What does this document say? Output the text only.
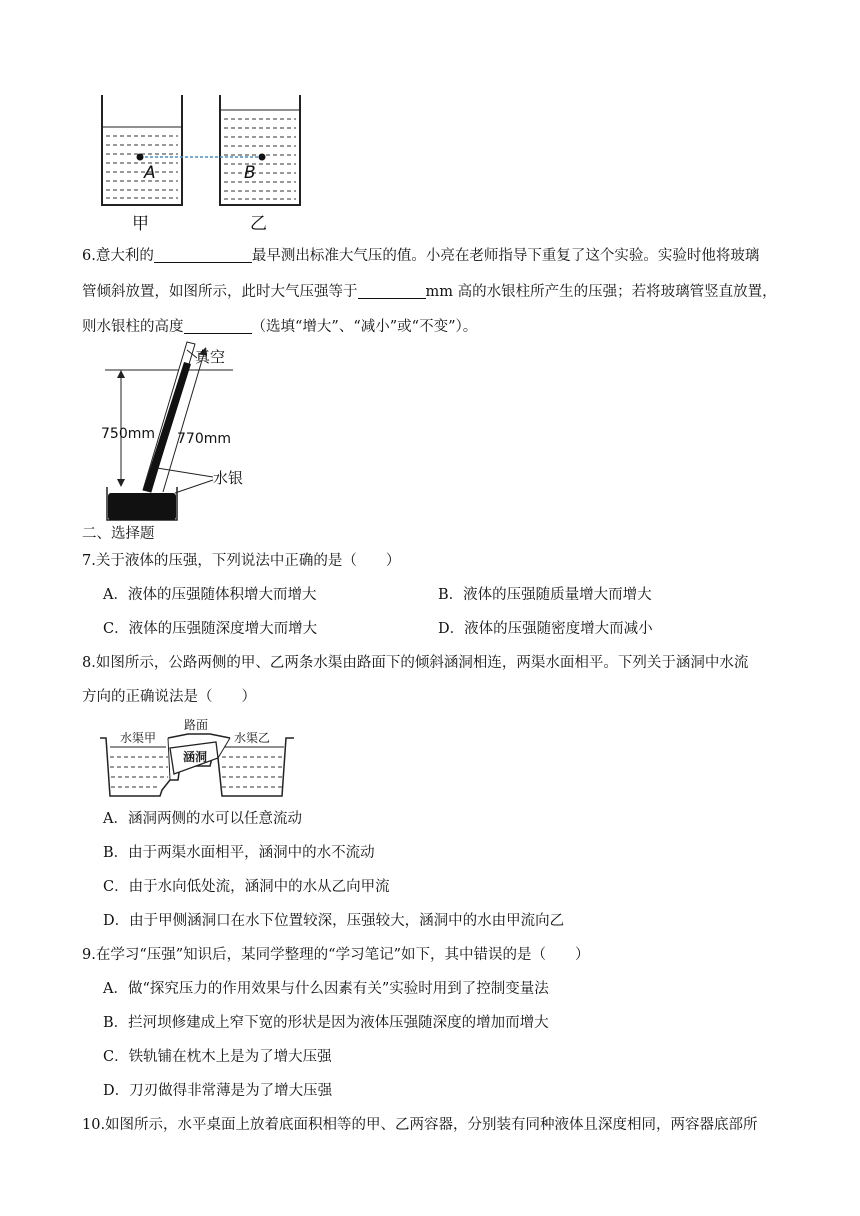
A	B
甲	乙
6.意大利的	最早测出标准大气压的值。小亮在老师指导下重复了这个实验。实验时他将玻璃
管倾斜放置，如图所示，此时大气压强等于	mm 高的水银柱所产生的压强；若将玻璃管竖直放置，
则水银柱的高度	（选填“增大”、“减小”或“不变”）。
真空
750mm 770mm
水银
二、选择题
7.关于液体的压强，下列说法中正确的是（　　）
A．液体的压强随体积增大而增大	B．液体的压强随质量增大而增大
C．液体的压强随深度增大而增大	D．液体的压强随密度增大而减小
8.如图所示，公路两侧的甲、乙两条水渠由路面下的倾斜涵洞相连，两渠水面相平。下列关于涵洞中水流
方向的正确说法是（　　）
涵洞
路面
水渠甲	水渠乙
A．涵洞两侧的水可以任意流动
B．由于两渠水面相平，涵洞中的水不流动
C．由于水向低处流，涵洞中的水从乙向甲流
D．由于甲侧涵洞口在水下位置较深，压强较大，涵洞中的水由甲流向乙
9.在学习“压强”知识后，某同学整理的“学习笔记”如下，其中错误的是（　　）
A．做“探究压力的作用效果与什么因素有关”实验时用到了控制变量法
B．拦河坝修建成上窄下宽的形状是因为液体压强随深度的增加而增大
C．铁轨铺在枕木上是为了增大压强
D．刀刃做得非常薄是为了增大压强
10.如图所示，水平桌面上放着底面积相等的甲、乙两容器，分别装有同种液体且深度相同，两容器底部所
